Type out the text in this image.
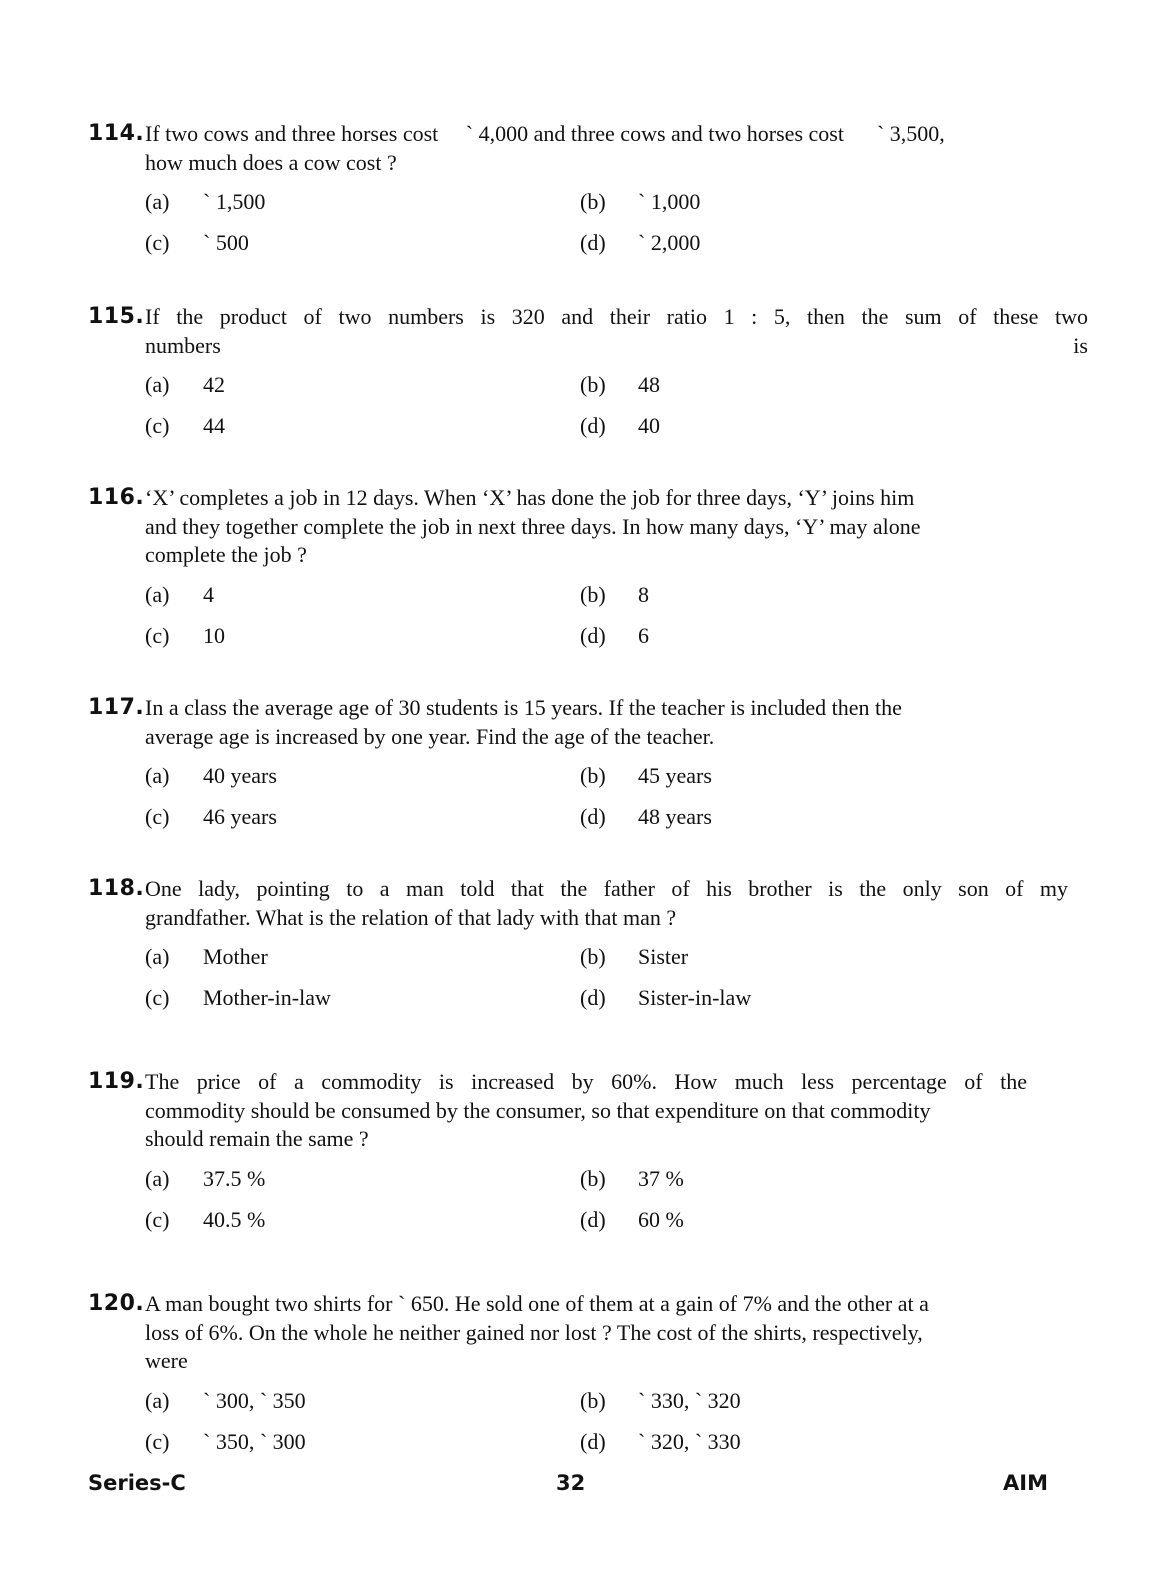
114. If two cows and three horses cost     ` 4,000 and three cows and two horses cost      ` 3,500,
how much does a cow cost ?
(a) ` 1,500	(b) ` 1,000
(c) ` 500	(d) ` 2,000
115. If the product of two numbers is 320 and their ratio 1 : 5, then the sum of these two
numbers is
(a) 42	(b) 48
(c) 44	(d) 40
116. ‘X’ completes a job in 12 days. When ‘X’ has done the job for three days, ‘Y’ joins him
and they together complete the job in next three days. In how many days, ‘Y’ may alone
complete the job ?
(a) 4	(b) 8
(c) 10	(d) 6
117. In a class the average age of 30 students is 15 years. If the teacher is included then the
average age is increased by one year. Find the age of the teacher.
(a) 40 years	(b) 45 years
(c) 46 years	(d) 48 years
118. One lady, pointing to a man told that the father of his brother is the only son of my
grandfather. What is the relation of that lady with that man ?
(a) Mother	(b) Sister
(c) Mother-in-law	(d) Sister-in-law
119. The price of a commodity is increased by 60%. How much less percentage of the
commodity should be consumed by the consumer, so that expenditure on that commodity
should remain the same ?
(a) 37.5 %	(b) 37 %
(c) 40.5 %	(d) 60 %
120. A man bought two shirts for ` 650. He sold one of them at a gain of 7% and the other at a
loss of 6%. On the whole he neither gained nor lost ? The cost of the shirts, respectively,
were
(a) ` 300, ` 350	(b) ` 330, ` 320
(c) ` 350, ` 300	(d) ` 320, ` 330
Series-C	32	AIM
